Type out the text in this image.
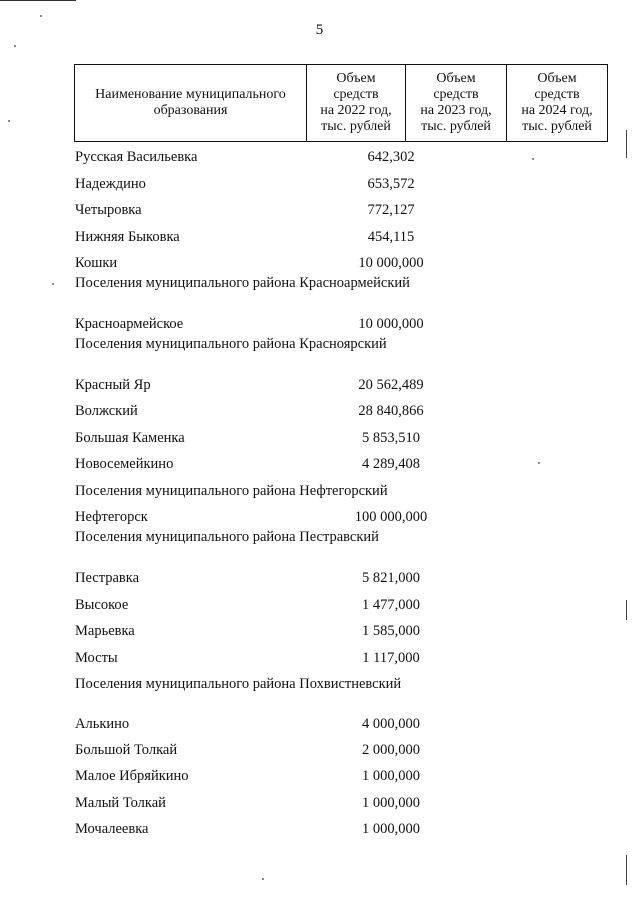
5
Наименование муниципального
образования	Объем
средств
на 2022 год,
тыс. рублей	Объем
средств
на 2023 год,
тыс. рублей	Объем
средств
на 2024 год,
тыс. рублей
Русская Васильевка	642,302
Надеждино	653,572
Четыровка	772,127
Нижняя Быковка	454,115
Кошки	10 000,000
Поселения муниципального района Красноармейский
Красноармейское	10 000,000
Поселения муниципального района Красноярский
Красный Яр	20 562,489
Волжский	28 840,866
Большая Каменка	5 853,510
Новосемейкино	4 289,408
Поселения муниципального района Нефтегорский
Нефтегорск	100 000,000
Поселения муниципального района Пестравский
Пестравка	5 821,000
Высокое	1 477,000
Марьевка	1 585,000
Мосты	1 117,000
Поселения муниципального района Похвистневский
Алькино	4 000,000
Большой Толкай	2 000,000
Малое Ибряйкино	1 000,000
Малый Толкай	1 000,000
Мочалеевка	1 000,000
